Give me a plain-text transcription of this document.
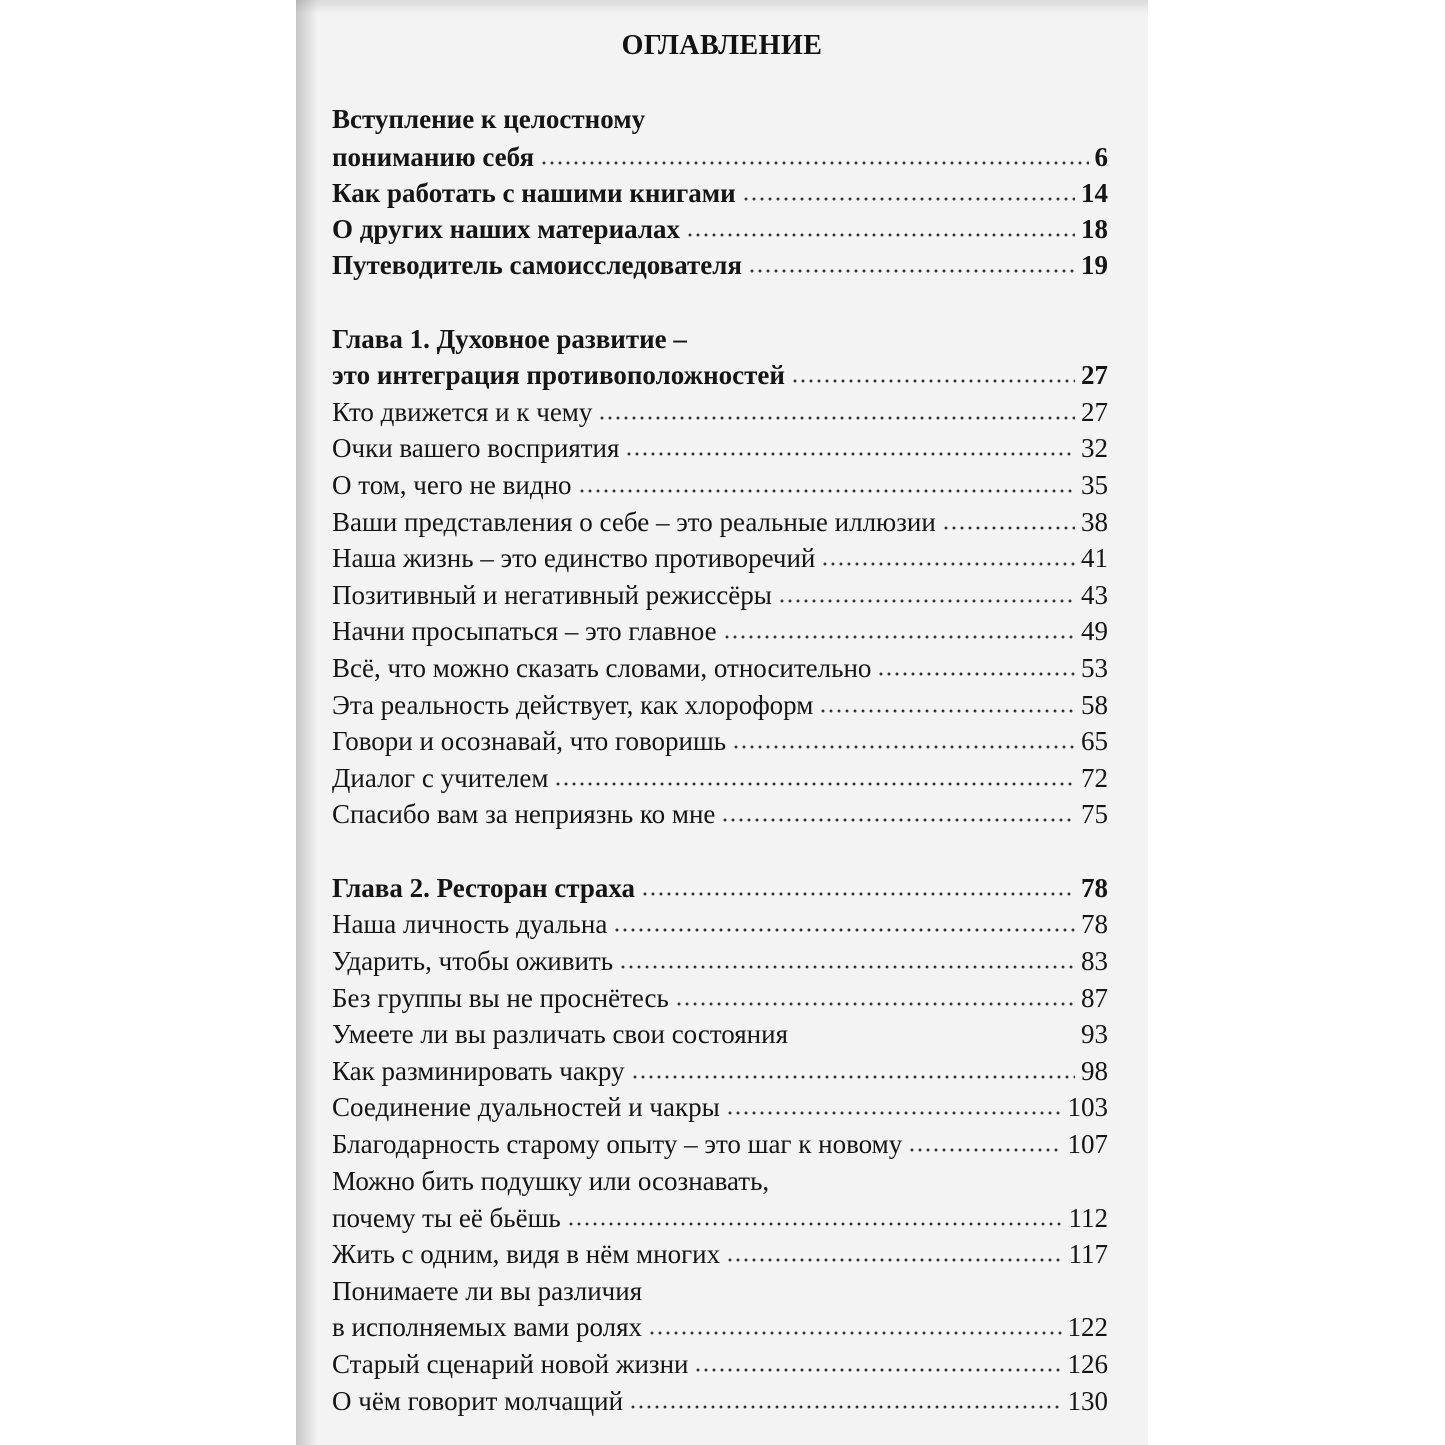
ОГЛАВЛЕНИЕ
Вступление к целостному
пониманию себя	6
Как работать с нашими книгами	14
О других наших материалах	18
Путеводитель самоисследователя	19
Глава 1. Духовное развитие –
это интеграция противоположностей	27
Кто движется и к чему	27
Очки вашего восприятия	32
О том, чего не видно	35
Ваши представления о себе – это реальные иллюзии	38
Наша жизнь – это единство противоречий	41
Позитивный и негативный режиссёры	43
Начни просыпаться – это главное	49
Всё, что можно сказать словами, относительно	53
Эта реальность действует, как хлороформ	58
Говори и осознавай, что говоришь	65
Диалог с учителем	72
Спасибо вам за неприязнь ко мне	75
Глава 2. Ресторан страха	78
Наша личность дуальна	78
Ударить, чтобы оживить	83
Без группы вы не проснётесь	87
Умеете ли вы различать свои состояния	93
Как разминировать чакру	98
Соединение дуальностей и чакры	103
Благодарность старому опыту – это шаг к новому	107
Можно бить подушку или осознавать,
почему ты её бьёшь	112
Жить с одним, видя в нём многих	117
Понимаете ли вы различия
в исполняемых вами ролях	122
Старый сценарий новой жизни	126
О чём говорит молчащий	130
